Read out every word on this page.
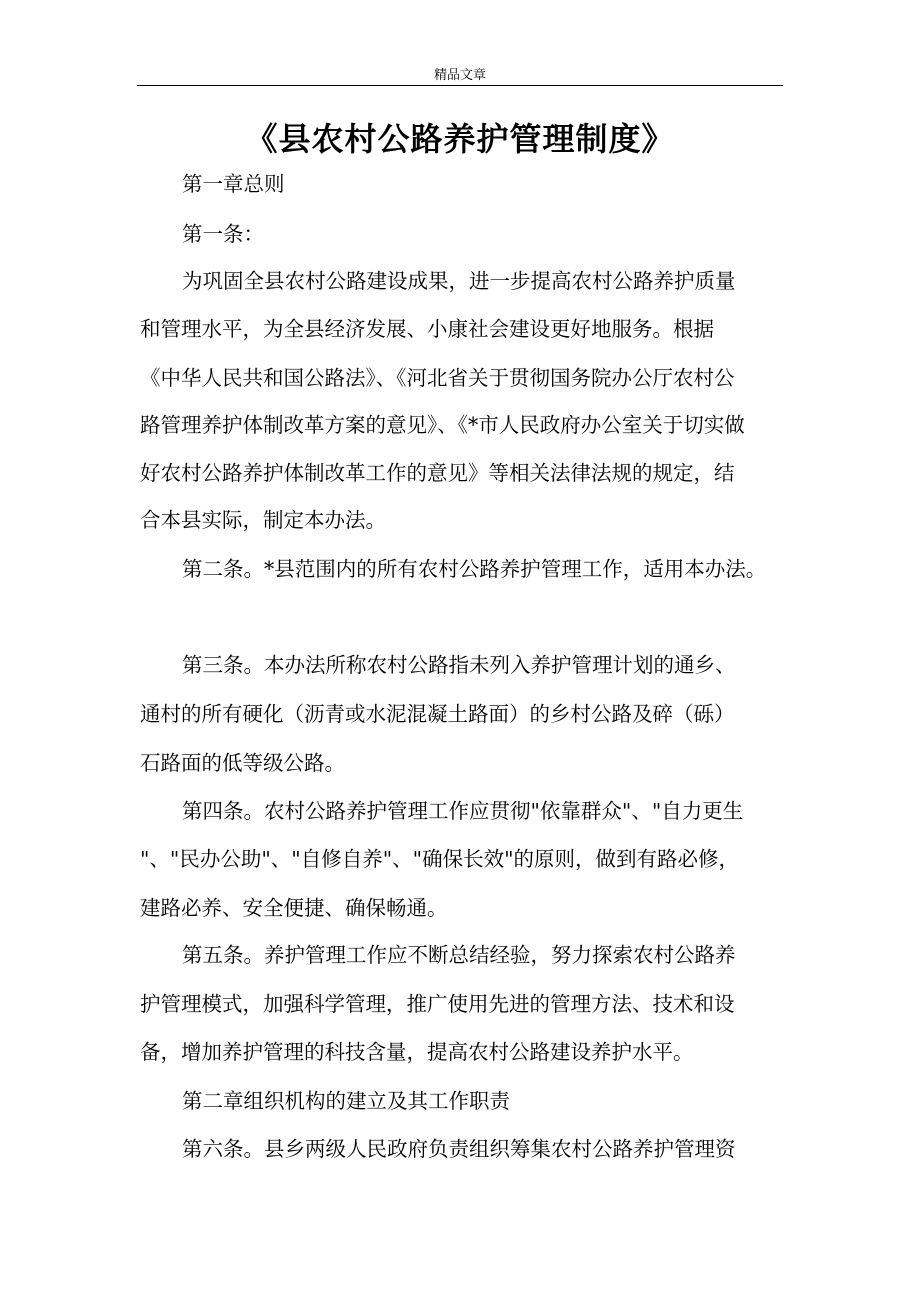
精品文章
《县农村公路养护管理制度》
第一章总则
第一条：
为巩固全县农村公路建设成果，进一步提高农村公路养护质量
和管理水平，为全县经济发展、小康社会建设更好地服务。根据
《中华人民共和国公路法》、《河北省关于贯彻国务院办公厅农村公
路管理养护体制改革方案的意见》、《*市人民政府办公室关于切实做
好农村公路养护体制改革工作的意见》等相关法律法规的规定，结
合本县实际，制定本办法。
第二条。*县范围内的所有农村公路养护管理工作，适用本办法。
第三条。本办法所称农村公路指未列入养护管理计划的通乡、
通村的所有硬化（沥青或水泥混凝土路面）的乡村公路及碎（砾）
石路面的低等级公路。
第四条。农村公路养护管理工作应贯彻"依靠群众"、"自力更生
"、"民办公助"、"自修自养"、"确保长效"的原则，做到有路必修，
建路必养、安全便捷、确保畅通。
第五条。养护管理工作应不断总结经验，努力探索农村公路养
护管理模式，加强科学管理，推广使用先进的管理方法、技术和设
备，增加养护管理的科技含量，提高农村公路建设养护水平。
第二章组织机构的建立及其工作职责
第六条。县乡两级人民政府负责组织筹集农村公路养护管理资
